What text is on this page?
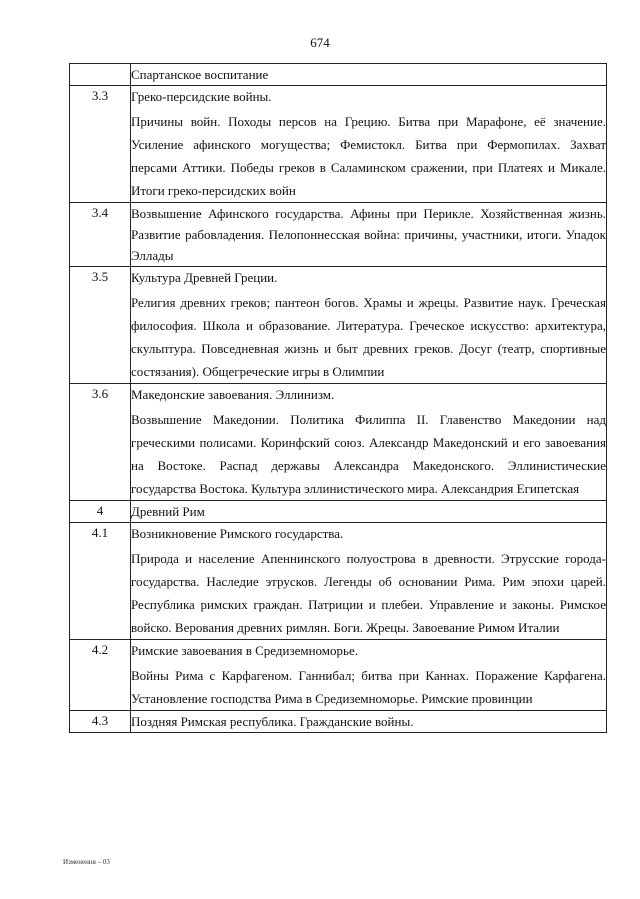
674

	Спартанское воспитание

3.3	Греко-персидские войны.
Причины войн. Походы персов на Грецию. Битва при Марафоне, её значение. Усиление афинского могущества; Фемистокл. Битва при Фермопилах. Захват персами Аттики. Победы греков в Саламинском сражении, при Платеях и Микале. Итоги греко-персидских войн

3.4	Возвышение Афинского государства. Афины при Перикле. Хозяйственная жизнь. Развитие рабовладения. Пелопоннесская война: причины, участники, итоги. Упадок Эллады

3.5	Культура Древней Греции.
Религия древних греков; пантеон богов. Храмы и жрецы. Развитие наук. Греческая философия. Школа и образование. Литература. Греческое искусство: архитектура, скульптура. Повседневная жизнь и быт древних греков. Досуг (театр, спортивные состязания). Общегреческие игры в Олимпии

3.6	Македонские завоевания. Эллинизм.
Возвышение Македонии. Политика Филиппа II. Главенство Македонии над греческими полисами. Коринфский союз. Александр Македонский и его завоевания на Востоке. Распад державы Александра Македонского. Эллинистические государства Востока. Культура эллинистического мира. Александрия Египетская

4	Древний Рим

4.1	Возникновение Римского государства.
Природа и население Апеннинского полуострова в древности. Этрусские города-государства. Наследие этрусков. Легенды об основании Рима. Рим эпохи царей. Республика римских граждан. Патриции и плебеи. Управление и законы. Римское войско. Верования древних римлян. Боги. Жрецы. Завоевание Римом Италии

4.2	Римские завоевания в Средиземноморье.
Войны Рима с Карфагеном. Ганнибал; битва при Каннах. Поражение Карфагена. Установление господства Рима в Средиземноморье. Римские провинции

4.3	Поздняя Римская республика. Гражданские войны.
Изменения – 03
